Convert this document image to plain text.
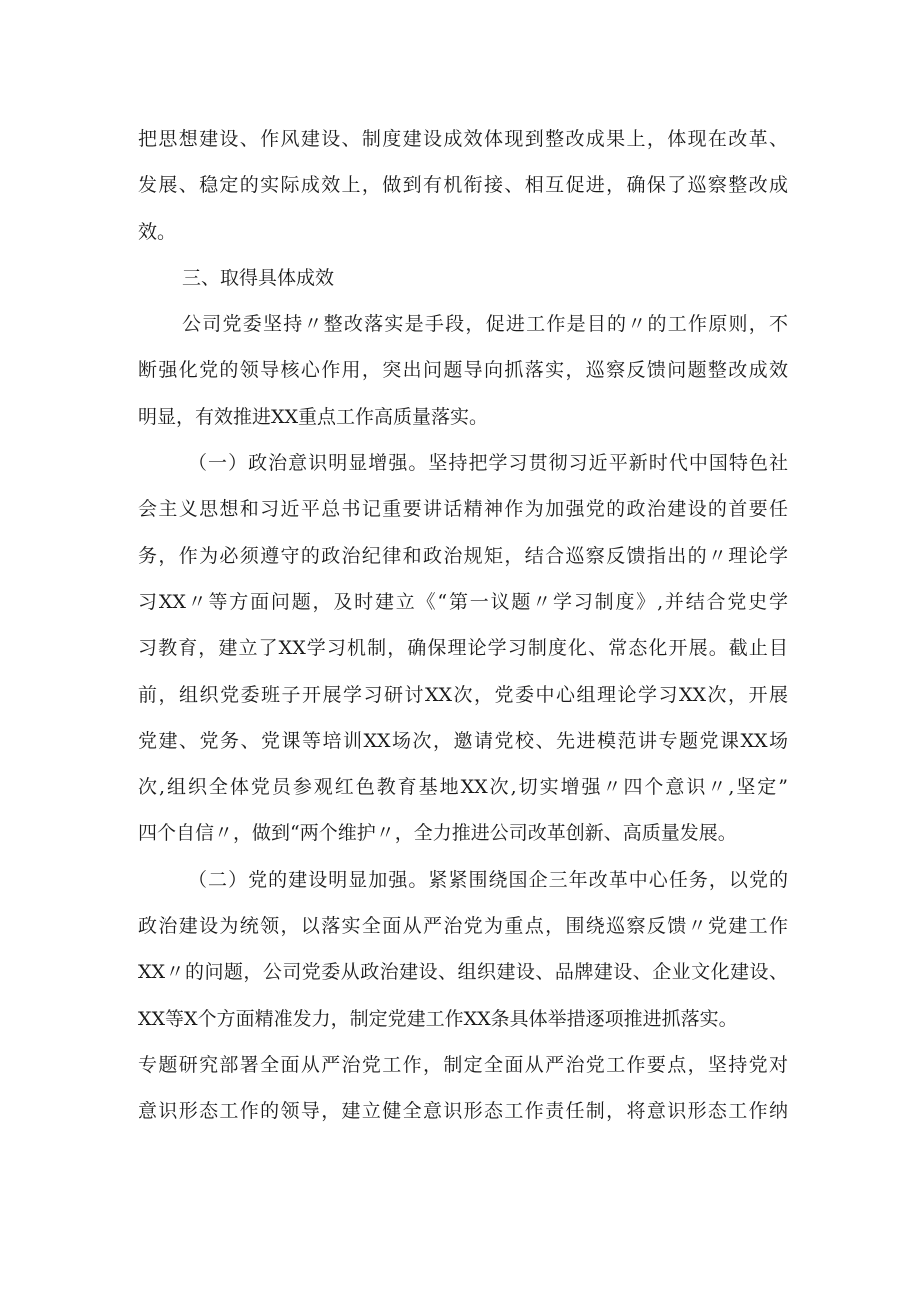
把思想建设、作风建设、制度建设成效体现到整改成果上，体现在改革、
发展、稳定的实际成效上，做到有机衔接、相互促进，确保了巡察整改成
效。
三、取得具体成效
公司党委坚持〃整改落实是手段，促进工作是目的〃的工作原则，不
断强化党的领导核心作用，突出问题导向抓落实，巡察反馈问题整改成效
明显，有效推进XX重点工作高质量落实。
（一）政治意识明显增强。坚持把学习贯彻习近平新时代中国特色社
会主义思想和习近平总书记重要讲话精神作为加强党的政治建设的首要任
务，作为必须遵守的政治纪律和政治规矩，结合巡察反馈指出的〃理论学
习XX〃等方面问题，及时建立《“第一议题〃学习制度》,并结合党史学
习教育，建立了XX学习机制，确保理论学习制度化、常态化开展。截止目
前，组织党委班子开展学习研讨XX次，党委中心组理论学习XX次，开展
党建、党务、党课等培训XX场次，邀请党校、先进模范讲专题党课XX场
次,组织全体党员参观红色教育基地XX次,切实增强〃四个意识〃,坚定”
四个自信〃，做到“两个维护〃，全力推进公司改革创新、高质量发展。
（二）党的建设明显加强。紧紧围绕国企三年改革中心任务，以党的
政治建设为统领，以落实全面从严治党为重点，围绕巡察反馈〃党建工作
XX〃的问题，公司党委从政治建设、组织建设、品牌建设、企业文化建设、
XX等X个方面精准发力，制定党建工作XX条具体举措逐项推进抓落实。
专题研究部署全面从严治党工作，制定全面从严治党工作要点，坚持党对
意识形态工作的领导，建立健全意识形态工作责任制，将意识形态工作纳
